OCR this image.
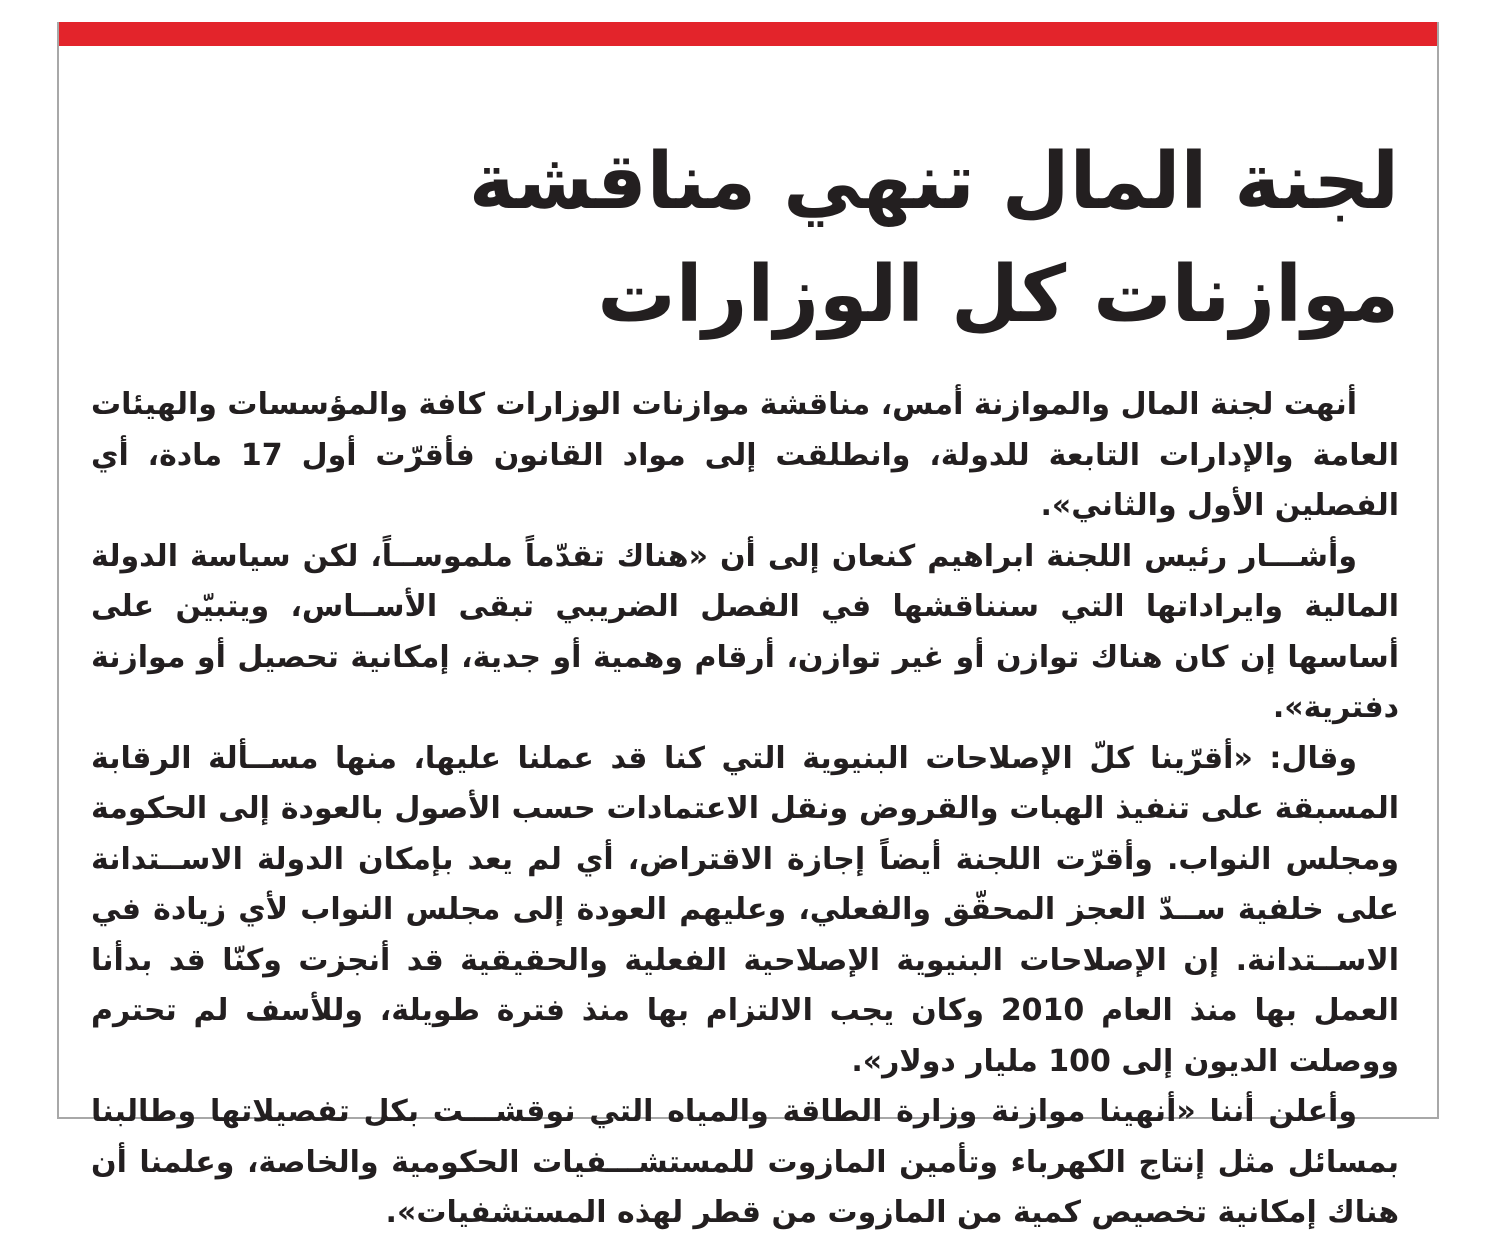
لجنة المال تنهي مناقشة
موازنات كل الوزارات

أنهت لجنة المال والموازنة أمس، مناقشة موازنات الوزارات كافة والمؤسسات والهيئات العامة والإدارات التابعة للدولة، وانطلقت إلى مواد القانون فأقرّت أول 17 مادة، أي الفصلين الأول والثاني».

وأشـــار رئيس اللجنة ابراهيم كنعان إلى أن «هناك تقدّماً ملموســاً، لكن سياسة الدولة المالية وايراداتها التي سنناقشها في الفصل الضريبي تبقى الأســاس، ويتبيّن على أساسها إن كان هناك توازن أو غير توازن، أرقام وهمية أو جدية، إمكانية تحصيل أو موازنة دفترية».

وقال: «أقرّينا كلّ الإصلاحات البنيوية التي كنا قد عملنا عليها، منها مســألة الرقابة المسبقة على تنفيذ الهبات والقروض ونقل الاعتمادات حسب الأصول بالعودة إلى الحكومة ومجلس النواب. وأقرّت اللجنة أيضاً إجازة الاقتراض، أي لم يعد بإمكان الدولة الاســتدانة على خلفية ســدّ العجز المحقّق والفعلي، وعليهم العودة إلى مجلس النواب لأي زيادة في الاســتدانة. إن الإصلاحات البنيوية الإصلاحية الفعلية والحقيقية قد أنجزت وكنّا قد بدأنا العمل بها منذ العام 2010 وكان يجب الالتزام بها منذ فترة طويلة، وللأسف لم تحترم ووصلت الديون إلى 100 مليار دولار».

وأعلن أننا «أنهينا موازنة وزارة الطاقة والمياه التي نوقشـــت بكل تفصيلاتها وطالبنا بمسائل مثل إنتاج الكهرباء وتأمين المازوت للمستشـــفيات الحكومية والخاصة، وعلمنا أن هناك إمكانية تخصيص كمية من المازوت من قطر لهذه المستشفيات».
